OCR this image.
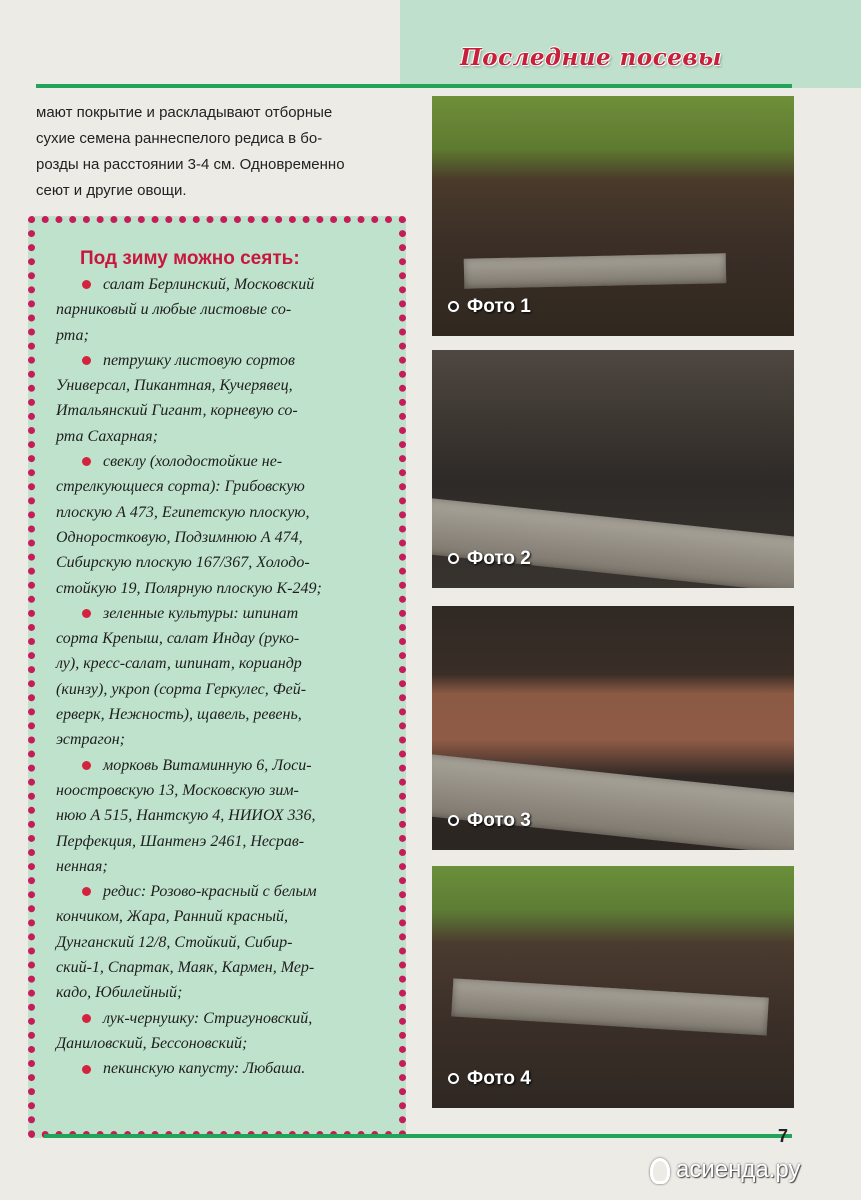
Последние посевы
мают покрытие и раскладывают отборные
сухие семена раннеспелого редиса в бо-
розды на расстоянии 3-4 см. Одновременно
сеют и другие овощи.
Под зиму можно сеять:
салат Берлинский, Московский
парниковый и любые листовые со-
рта;
петрушку листовую сортов
Универсал, Пикантная, Кучерявец,
Итальянский Гигант, корневую со-
рта Сахарная;
свеклу (холодостойкие не-
стрелкующиеся сорта): Грибовскую
плоскую А 473, Египетскую плоскую,
Одноростковую, Подзимнюю А 474,
Сибирскую плоскую 167/367, Холодо-
стойкую 19, Полярную плоскую К-249;
зеленные культуры: шпинат
сорта Крепыш, салат Индау (руко-
лу), кресс-салат, шпинат, кориандр
(кинзу), укроп (сорта Геркулес, Фей-
ерверк, Нежность), щавель, ревень,
эстрагон;
морковь Витаминную 6, Лоси-
ноостровскую 13, Московскую зим-
нюю А 515, Нантскую 4, НИИОХ 336,
Перфекция, Шантенэ 2461, Несрав-
ненная;
редис: Розово-красный с белым
кончиком, Жара, Ранний красный,
Дунганский 12/8, Стойкий, Сибир-
ский-1, Спартак, Маяк, Кармен, Мер-
кадо, Юбилейный;
лук-чернушку: Стригуновский,
Даниловский, Бессоновский;
пекинскую капусту: Любаша.
Фото 1
Фото 2
Фото 3
Фото 4
7
асиенда.ру
